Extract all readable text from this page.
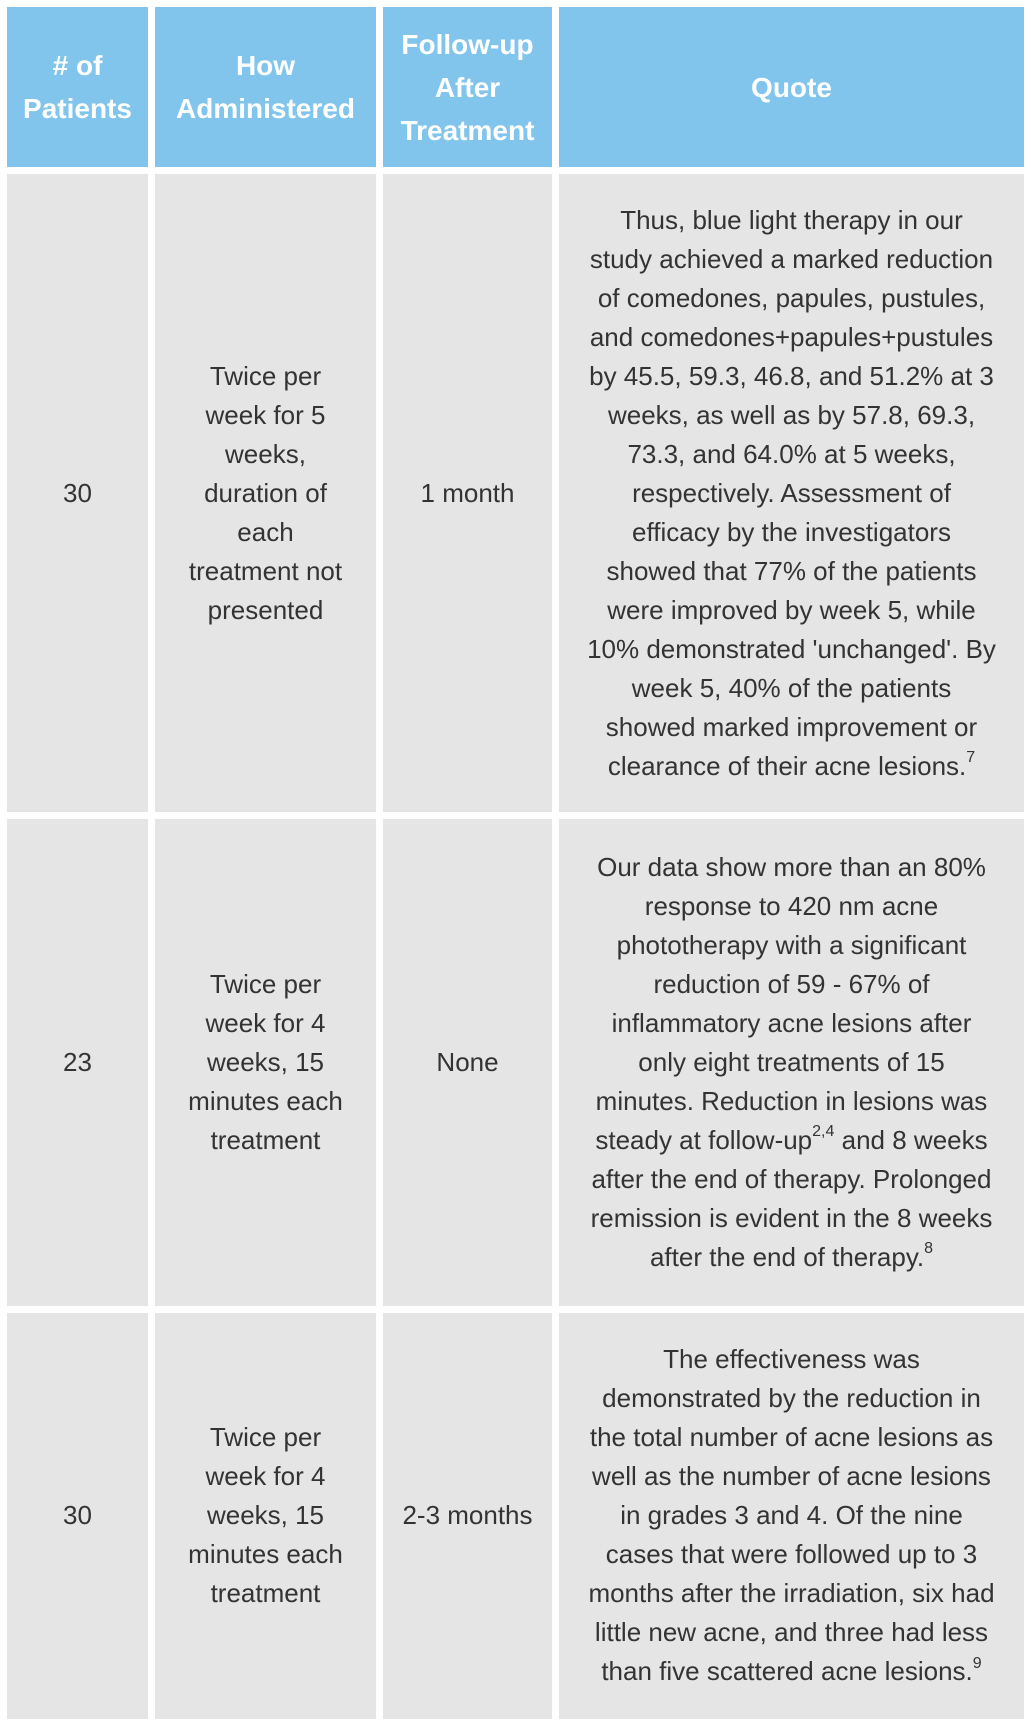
# of
Patients	How
Administered	Follow-up
After
Treatment	Quote
30	Twice per week for 5 weeks, duration of each treatment not presented	1 month	Thus, blue light therapy in our study achieved a marked reduction of comedones, papules, pustules, and comedones+papules+pustules by 45.5, 59.3, 46.8, and 51.2% at 3 weeks, as well as by 57.8, 69.3, 73.3, and 64.0% at 5 weeks, respectively. Assessment of efficacy by the investigators showed that 77% of the patients were improved by week 5, while 10% demonstrated 'unchanged'. By week 5, 40% of the patients showed marked improvement or clearance of their acne lesions.$^7$
23	Twice per week for 4 weeks, 15 minutes each treatment	None	Our data show more than an 80% response to 420 nm acne phototherapy with a significant reduction of 59 - 67% of inflammatory acne lesions after only eight treatments of 15 minutes. Reduction in lesions was steady at follow-up$^{2,4}$ and 8 weeks after the end of therapy. Prolonged remission is evident in the 8 weeks after the end of therapy.$^8$
30	Twice per week for 4 weeks, 15 minutes each treatment	2-3 months	The effectiveness was demonstrated by the reduction in the total number of acne lesions as well as the number of acne lesions in grades 3 and 4. Of the nine cases that were followed up to 3 months after the irradiation, six had little new acne, and three had less than five scattered acne lesions.$^9$
